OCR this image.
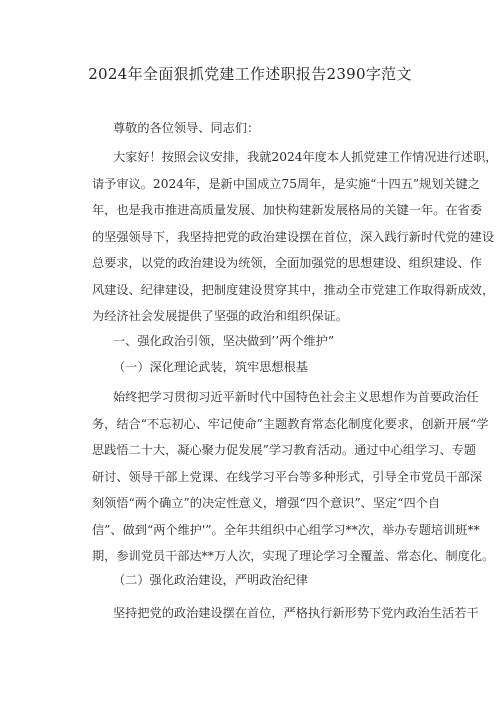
2024年全面狠抓党建工作述职报告2390字范文
尊敬的各位领导、同志们：
大家好！按照会议安排，我就2024年度本人抓党建工作情况进行述职，
请予审议。2024年，是新中国成立75周年，是实施“十四五”规划关键之
年，也是我市推进高质量发展、加快构建新发展格局的关键一年。在省委
的坚强领导下，我坚持把党的政治建设摆在首位，深入践行新时代党的建设
总要求，以党的政治建设为统领，全面加强党的思想建设、组织建设、作
风建设、纪律建设，把制度建设贯穿其中，推动全市党建工作取得新成效，
为经济社会发展提供了坚强的政治和组织保证。
一、强化政治引领，坚决做到’’两个维护”
（一）深化理论武装，筑牢思想根基
始终把学习贯彻习近平新时代中国特色社会主义思想作为首要政治任
务，结合“不忘初心、牢记使命”主题教育常态化制度化要求，创新开展“学
思践悟二十大，凝心聚力促发展”学习教育活动。通过中心组学习、专题
研讨、领导干部上党课、在线学习平台等多种形式，引导全市党员干部深
刻领悟“两个确立”的决定性意义，增强“四个意识”、坚定“四个自
信”、做到“两个维护'”。全年共组织中心组学习**次，举办专题培训班**
期，参训党员干部达**万人次，实现了理论学习全覆盖、常态化、制度化。
（二）强化政治建设，严明政治纪律
坚持把党的政治建设摆在首位，严格执行新形势下党内政治生活若干
